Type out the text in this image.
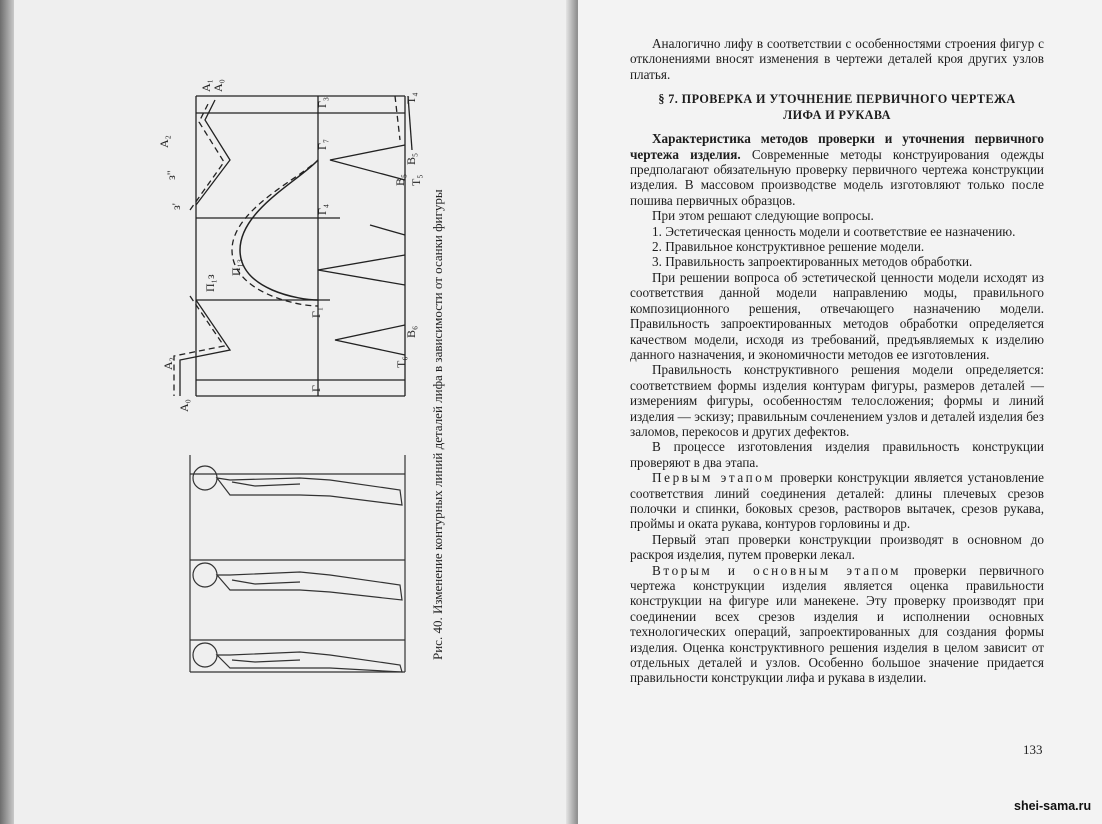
A₀
A₁
A₂
з"
з'
Г₃	T₄
Г₇
B₅
B₅ Т₅
Г₄
П₁₃
П₁з
Г₁
B₆
T₆
Г
A₀
A₂	Рис. 40. Изменение контурных линий деталей лифа в зависимости от осанки фигуры

Аналогично лифу в соответствии с особенностями строения фигур с отклонениями вносят изменения в чертежи деталей кроя других узлов платья.

§ 7. ПРОВЕРКА И УТОЧНЕНИЕ ПЕРВИЧНОГО ЧЕРТЕЖА
ЛИФА И РУКАВА

Характеристика методов проверки и уточнения первичного чертежа изделия. Современные методы конструирования одежды предполагают обязательную проверку первичного чертежа конструкции изделия. В массовом производстве модель изготовляют только после пошива первичных образцов.

При этом решают следующие вопросы.

1. Эстетическая ценность модели и соответствие ее назначению.

2. Правильное конструктивное решение модели.

3. Правильность запроектированных методов обработки.

При решении вопроса об эстетической ценности модели исходят из соответствия данной модели направлению моды, правильного композиционного решения, отвечающего назначению модели. Правильность запроектированных методов обработки определяется качеством модели, исходя из требований, предъявляемых к изделию данного назначения, и экономичности методов ее изготовления.

Правильность конструктивного решения модели определяется: соответствием формы изделия контурам фигуры, размеров деталей — измерениям фигуры, особенностям телосложения; формы и линий изделия — эскизу; правильным сочленением узлов и деталей изделия без заломов, перекосов и других дефектов.

В процессе изготовления изделия правильность конструкции проверяют в два этапа.

Первым этапом проверки конструкции является установление соответствия линий соединения деталей: длины плечевых срезов полочки и спинки, боковых срезов, растворов вытачек, срезов рукава, проймы и оката рукава, контуров горловины и др.

Первый этап проверки конструкции производят в основном до раскроя изделия, путем проверки лекал.

Вторым и основным этапом проверки первичного чертежа конструкции изделия является оценка правильности конструкции на фигуре или манекене. Эту проверку производят при соединении всех срезов изделия и исполнении основных технологических операций, запроектированных для создания формы изделия. Оценка конструктивного решения изделия в целом зависит от отдельных деталей и узлов. Особенно большое значение придается правильности конструкции лифа и рукава в изделии.

133
shei-sama.ru
